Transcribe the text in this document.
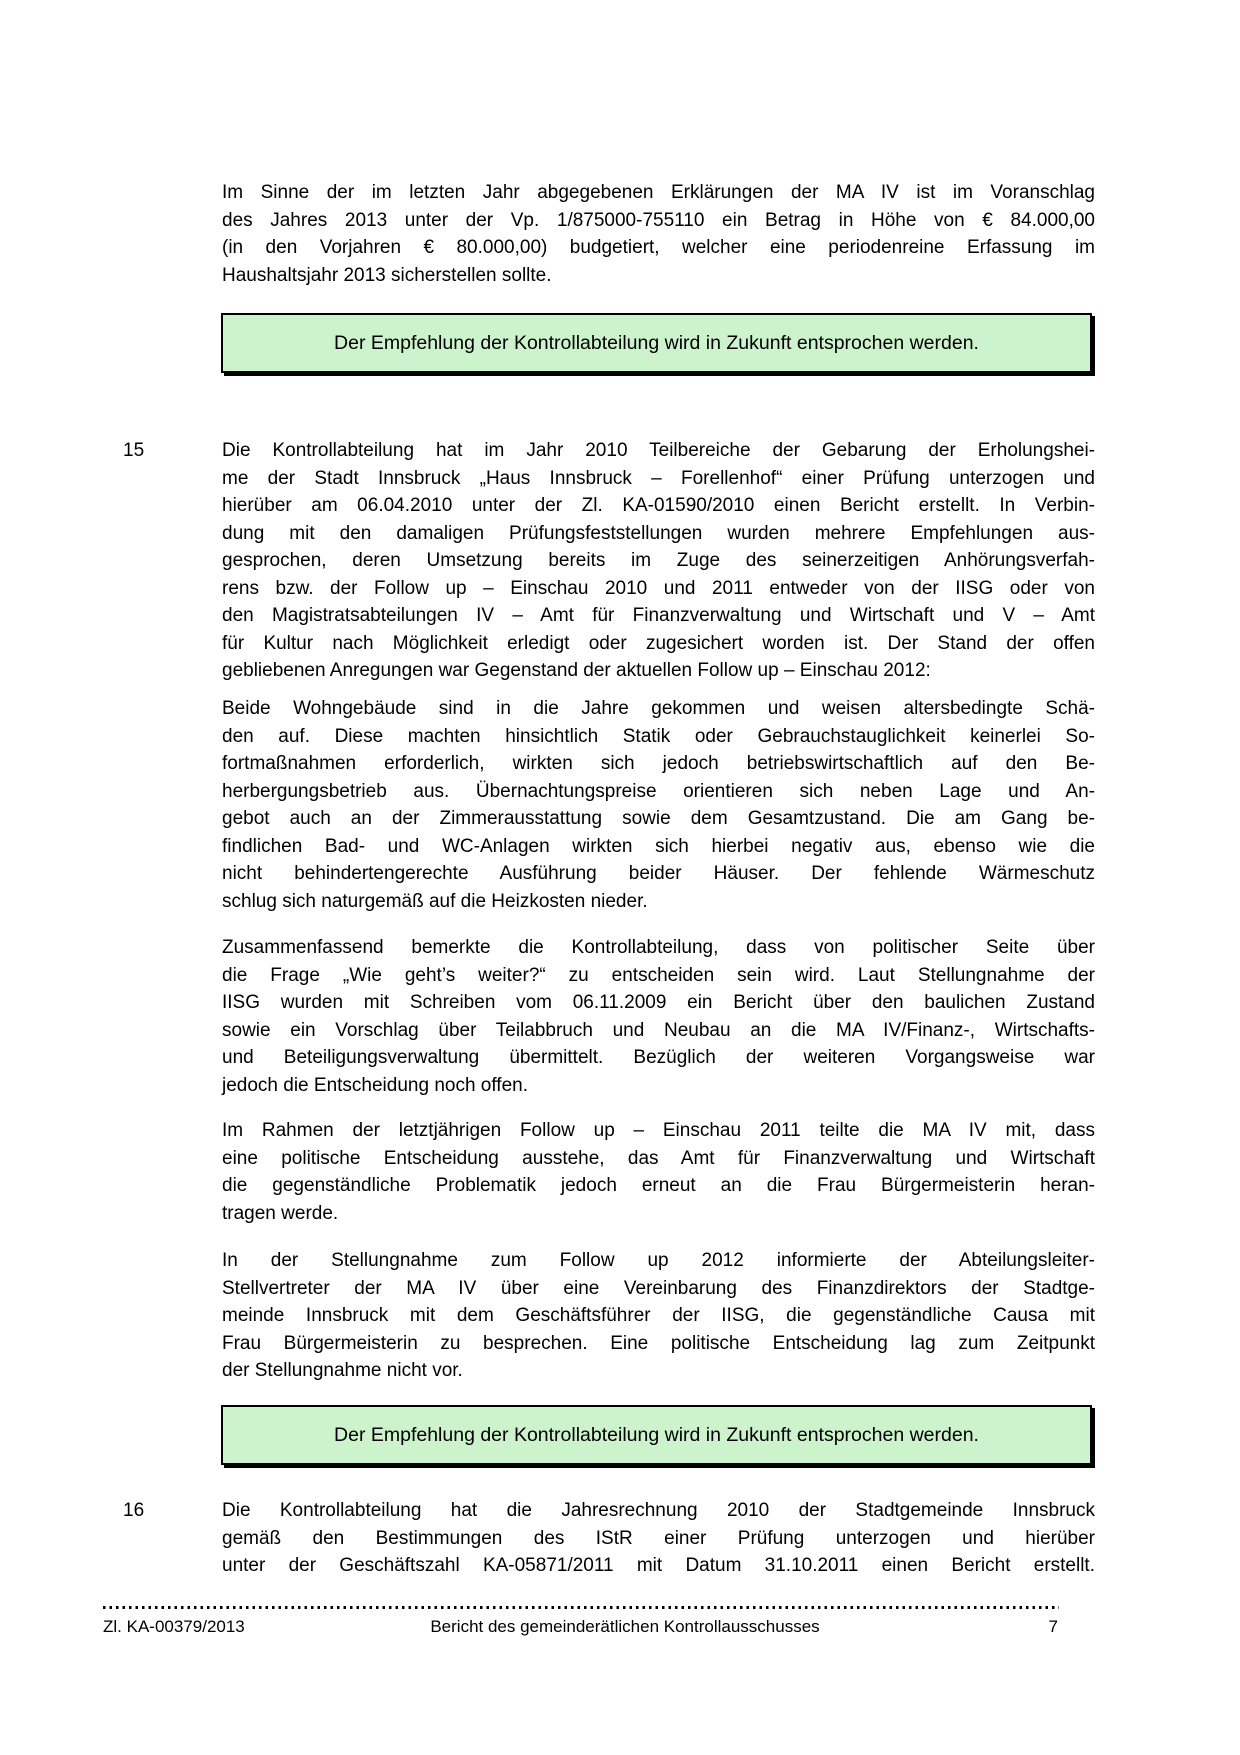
Im Sinne der im letzten Jahr abgegebenen Erklärungen der MA IV ist im Voranschlag
des Jahres 2013 unter der Vp. 1/875000-755110 ein Betrag in Höhe von € 84.000,00
(in den Vorjahren € 80.000,00) budgetiert, welcher eine periodenreine Erfassung im
Haushaltsjahr 2013 sicherstellen sollte.
Der Empfehlung der Kontrollabteilung wird in Zukunft entsprochen werden.
15	Die Kontrollabteilung hat im Jahr 2010 Teilbereiche der Gebarung der Erholungshei-
me der Stadt Innsbruck „Haus Innsbruck – Forellenhof“ einer Prüfung unterzogen und
hierüber am 06.04.2010 unter der Zl. KA-01590/2010 einen Bericht erstellt. In Verbin-
dung mit den damaligen Prüfungsfeststellungen wurden mehrere Empfehlungen aus-
gesprochen, deren Umsetzung bereits im Zuge des seinerzeitigen Anhörungsverfah-
rens bzw. der Follow up – Einschau 2010 und 2011 entweder von der IISG oder von
den Magistratsabteilungen IV – Amt für Finanzverwaltung und Wirtschaft und V – Amt
für Kultur nach Möglichkeit erledigt oder zugesichert worden ist. Der Stand der offen
gebliebenen Anregungen war Gegenstand der aktuellen Follow up – Einschau 2012:
Beide Wohngebäude sind in die Jahre gekommen und weisen altersbedingte Schä-
den auf. Diese machten hinsichtlich Statik oder Gebrauchstauglichkeit keinerlei So-
fortmaßnahmen erforderlich, wirkten sich jedoch betriebswirtschaftlich auf den Be-
herbergungsbetrieb aus. Übernachtungspreise orientieren sich neben Lage und An-
gebot auch an der Zimmerausstattung sowie dem Gesamtzustand. Die am Gang be-
findlichen Bad- und WC-Anlagen wirkten sich hierbei negativ aus, ebenso wie die
nicht behindertengerechte Ausführung beider Häuser. Der fehlende Wärmeschutz
schlug sich naturgemäß auf die Heizkosten nieder.
Zusammenfassend bemerkte die Kontrollabteilung, dass von politischer Seite über
die Frage „Wie geht’s weiter?“ zu entscheiden sein wird. Laut Stellungnahme der
IISG wurden mit Schreiben vom 06.11.2009 ein Bericht über den baulichen Zustand
sowie ein Vorschlag über Teilabbruch und Neubau an die MA IV/Finanz-, Wirtschafts-
und Beteiligungsverwaltung übermittelt. Bezüglich der weiteren Vorgangsweise war
jedoch die Entscheidung noch offen.
Im Rahmen der letztjährigen Follow up – Einschau 2011 teilte die MA IV mit, dass
eine politische Entscheidung ausstehe, das Amt für Finanzverwaltung und Wirtschaft
die gegenständliche Problematik jedoch erneut an die Frau Bürgermeisterin heran-
tragen werde.
In der Stellungnahme zum Follow up 2012 informierte der Abteilungsleiter-
Stellvertreter der MA IV über eine Vereinbarung des Finanzdirektors der Stadtge-
meinde Innsbruck mit dem Geschäftsführer der IISG, die gegenständliche Causa mit
Frau Bürgermeisterin zu besprechen. Eine politische Entscheidung lag zum Zeitpunkt
der Stellungnahme nicht vor.
Der Empfehlung der Kontrollabteilung wird in Zukunft entsprochen werden.
16	Die Kontrollabteilung hat die Jahresrechnung 2010 der Stadtgemeinde Innsbruck
gemäß den Bestimmungen des IStR einer Prüfung unterzogen und hierüber
unter der Geschäftszahl KA-05871/2011 mit Datum 31.10.2011 einen Bericht erstellt.
Zl. KA-00379/2013	Bericht des gemeinderätlichen Kontrollausschusses	7
